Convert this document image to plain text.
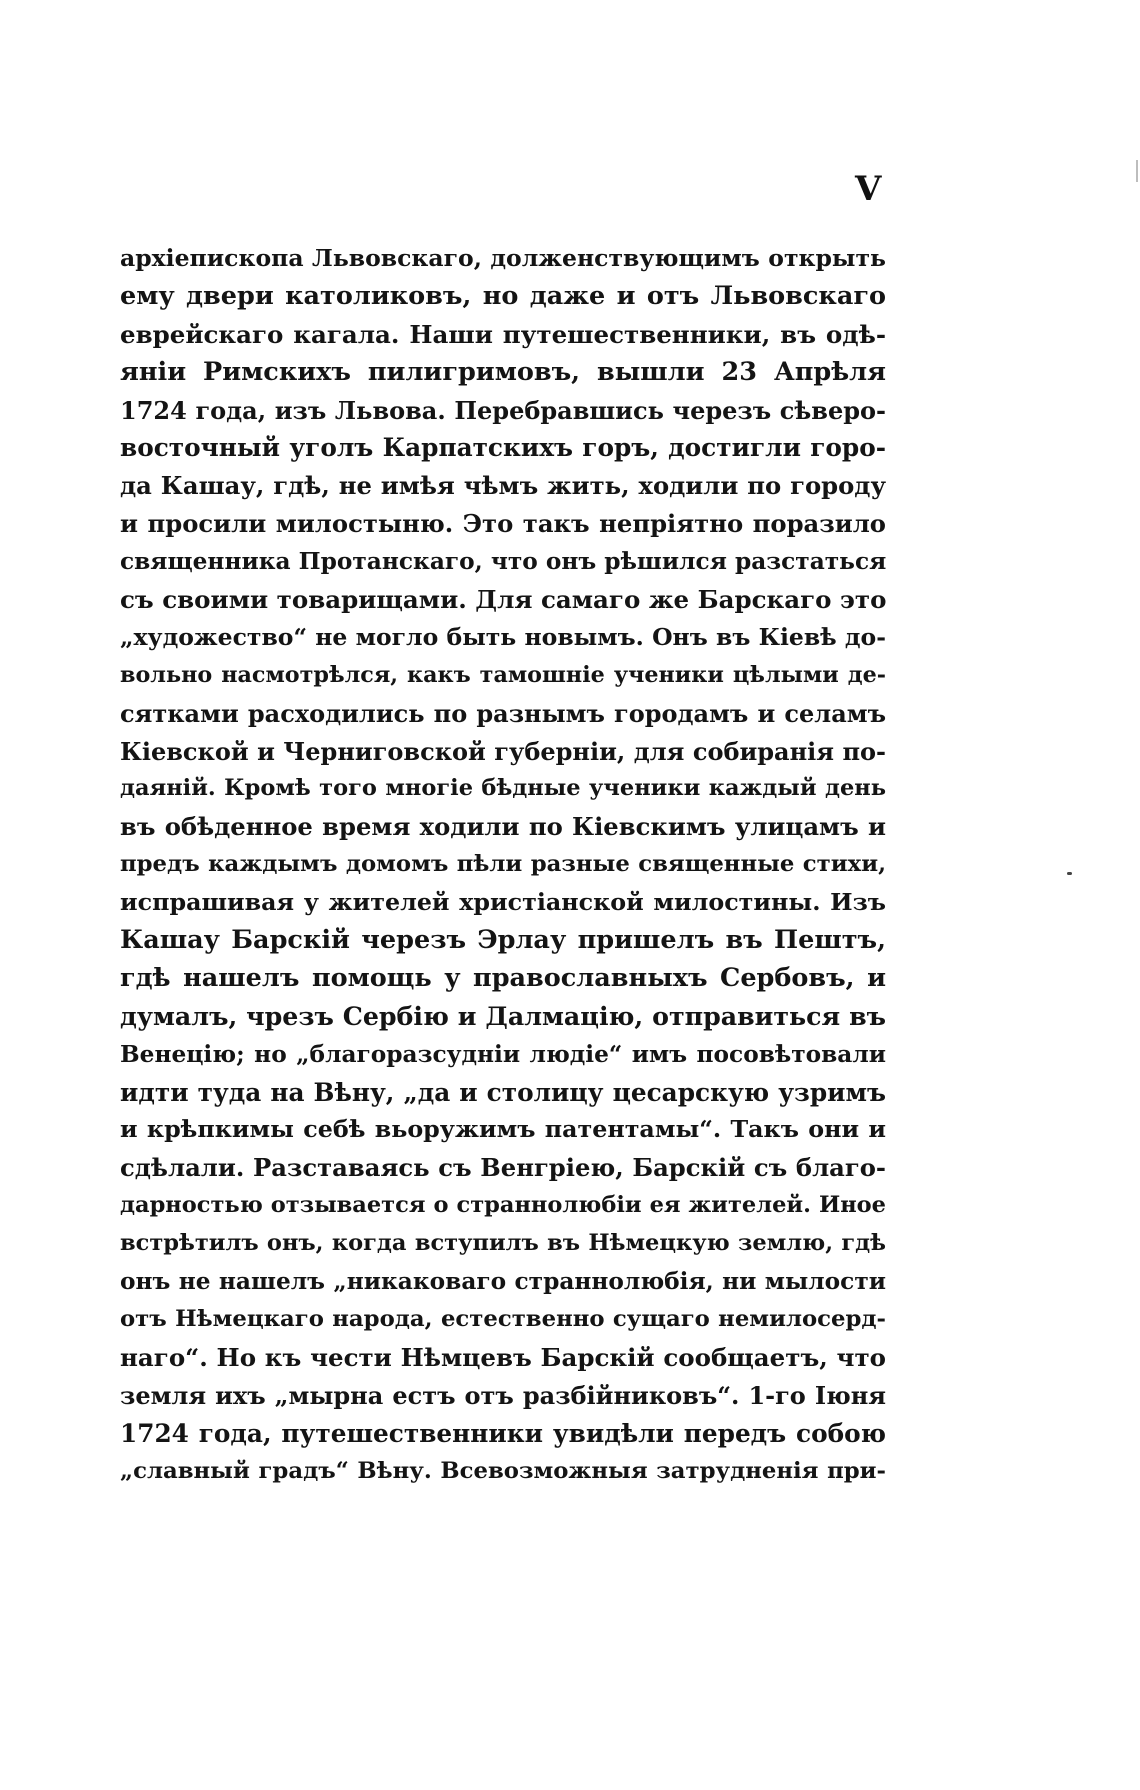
V
архіепископа Львовскаго, долженствующимъ открыть
ему двери католиковъ, но даже и отъ Львовскаго
еврейскаго кагала. Наши путешественники, въ одѣ-
яніи Римскихъ пилигримовъ, вышли 23 Апрѣля
1724 года, изъ Львова. Перебравшись черезъ сѣверо-
восточный уголъ Карпатскихъ горъ, достигли горо-
да Кашау, гдѣ, не имѣя чѣмъ жить, ходили по городу
и просили милостыню. Это такъ непріятно поразило
священника Протанскаго, что онъ рѣшился разстаться
съ своими товарищами. Для самаго же Барскаго это
„художество“ не могло быть новымъ. Онъ въ Кіевѣ до-
вольно насмотрѣлся, какъ тамошніе ученики цѣлыми де-
сятками расходились по разнымъ городамъ и селамъ
Кіевской и Черниговской губерніи, для собиранія по-
даяній. Кромѣ того многіе бѣдные ученики каждый день
въ обѣденное время ходили по Кіевскимъ улицамъ и
предъ каждымъ домомъ пѣли разные священные стихи,
испрашивая у жителей христіанской милостины. Изъ
Кашау Барскій черезъ Эрлау пришелъ въ Пештъ,
гдѣ нашелъ помощь у православныхъ Сербовъ, и
думалъ, чрезъ Сербію и Далмацію, отправиться въ
Венецію; но „благоразсудніи людіе“ имъ посовѣтовали
идти туда на Вѣну, „да и столицу цесарскую узримъ
и крѣпкимы себѣ вьоружимъ патентамы“. Такъ они и
сдѣлали. Разставаясь съ Венгріею, Барскій съ благо-
дарностью отзывается о страннолюбіи ея жителей. Иное
встрѣтилъ онъ, когда вступилъ въ Нѣмецкую землю, гдѣ
онъ не нашелъ „никаковаго страннолюбія, ни мылости
отъ Нѣмецкаго народа, естественно сущаго немилосерд-
наго“. Но къ чести Нѣмцевъ Барскій сообщаетъ, что
земля ихъ „мырна естъ отъ разбійниковъ“. 1-го Іюня
1724 года, путешественники увидѣли передъ собою
„славный градъ“ Вѣну. Всевозможныя затрудненія при-
